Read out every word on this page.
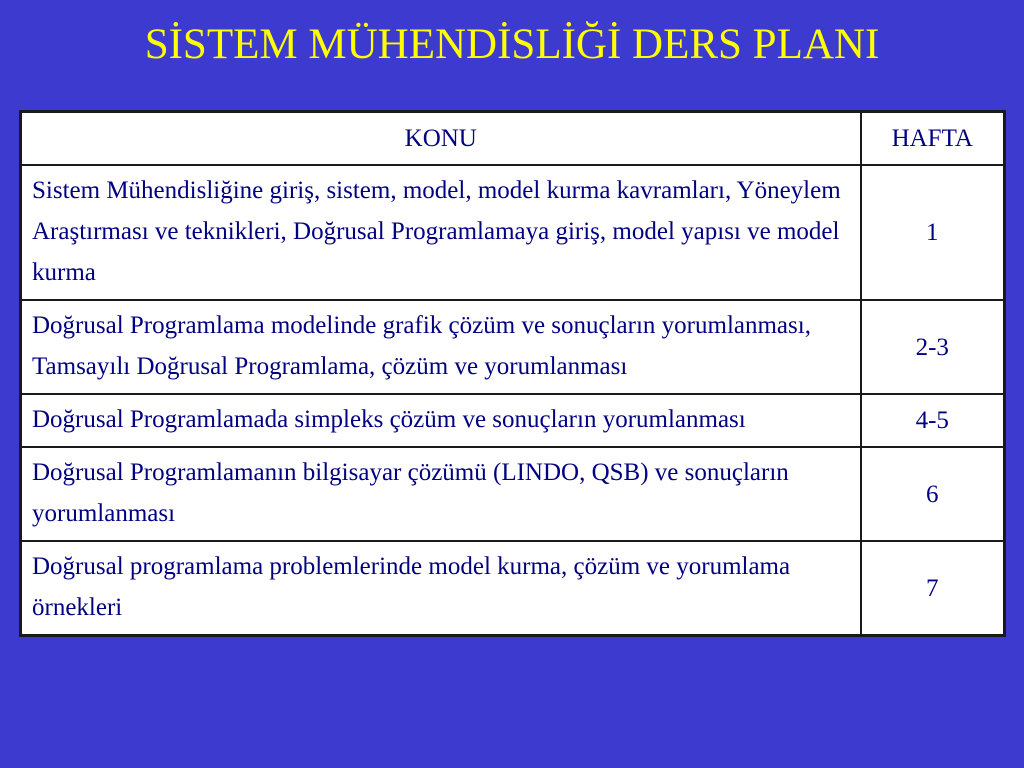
SİSTEM MÜHENDİSLİĞİ DERS PLANI
KONU	HAFTA
Sistem Mühendisliğine giriş, sistem, model, model kurma kavramları, Yöneylem Araştırması ve teknikleri, Doğrusal Programlamaya giriş, model yapısı ve model kurma	1
Doğrusal Programlama modelinde grafik çözüm ve sonuçların yorumlanması, Tamsayılı Doğrusal Programlama, çözüm ve yorumlanması	2-3
Doğrusal Programlamada simpleks çözüm ve sonuçların yorumlanması	4-5
Doğrusal Programlamanın bilgisayar çözümü (LINDO, QSB) ve sonuçların yorumlanması	6
Doğrusal programlama problemlerinde model kurma, çözüm ve yorumlama örnekleri	7
